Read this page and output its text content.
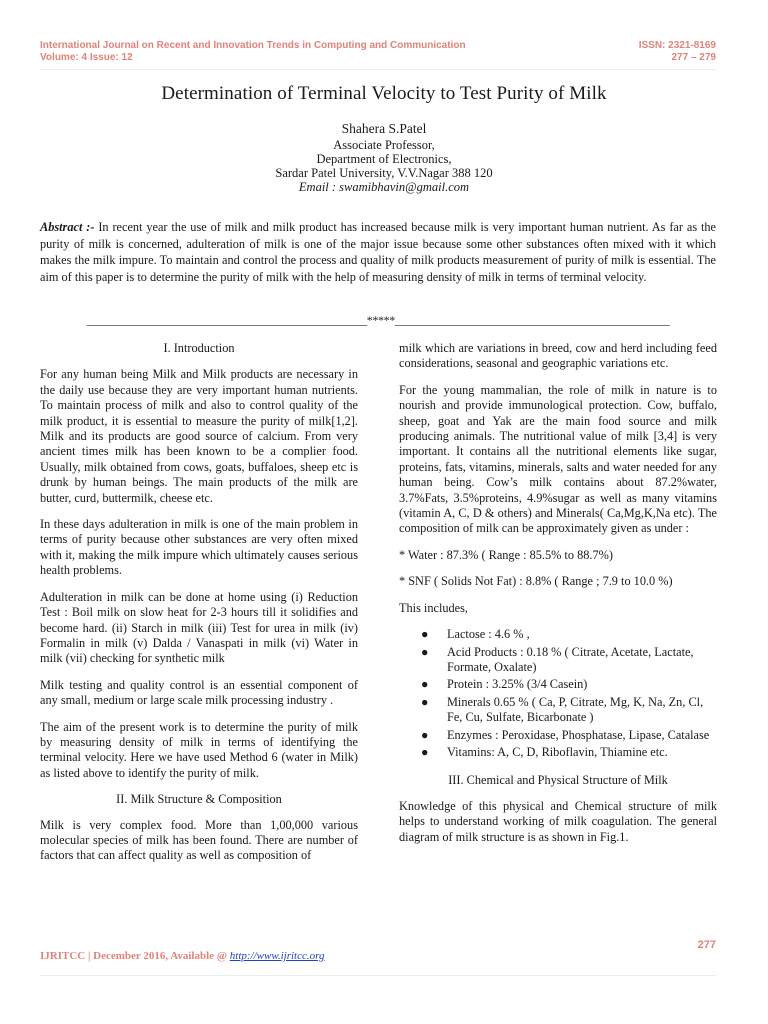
International Journal on Recent and Innovation Trends in Computing and Communication
Volume: 4 Issue: 12
ISSN: 2321-8169
277 – 279
Determination of Terminal Velocity to Test Purity of Milk
Shahera S.Patel
Associate Professor,
Department of Electronics,
Sardar Patel University, V.V.Nagar 388 120
Email : swamibhavin@gmail.com
Abstract :- In recent year the use of milk and milk product has increased because milk is very important human nutrient. As far as the purity of milk is concerned, adulteration of milk is one of the major issue because some other substances often mixed with it which makes the milk impure. To maintain and control the process and quality of milk products measurement of purity of milk is essential. The aim of this paper is to determine the purity of milk with the help of measuring density of milk in terms of terminal velocity.
__________________________________________________*****_________________________________________________
I. Introduction

For any human being Milk and Milk products are necessary in the daily use because they are very important human nutrients. To maintain process of milk and also to control quality of the milk product, it is essential to measure the purity of milk[1,2]. Milk and its products are good source of calcium. From very ancient times milk has been known to be a complier food. Usually, milk obtained from cows, goats, buffaloes, sheep etc is drunk by human beings. The main products of the milk are butter, curd, buttermilk, cheese etc.

In these days adulteration in milk is one of the main problem in terms of purity because other substances are very often mixed with it, making the milk impure which ultimately causes serious health problems.

Adulteration in milk can be done at home using (i) Reduction Test : Boil milk on slow heat for 2-3 hours till it solidifies and become hard. (ii) Starch in milk (iii) Test for urea in milk (iv) Formalin in milk (v) Dalda / Vanaspati in milk (vi) Water in milk (vii) checking for synthetic milk

Milk testing and quality control is an essential component of any small, medium or large scale milk processing industry .

The aim of the present work is to determine the purity of milk by measuring density of milk in terms of identifying the terminal velocity. Here we have used Method 6 (water in Milk) as listed above to identify the purity of milk.

II. Milk Structure & Composition

Milk is very complex food. More than 1,00,000 various molecular species of milk has been found. There are number of factors that can affect quality as well as composition of

milk which are variations in breed, cow and herd including feed considerations, seasonal and geographic variations etc.

For the young mammalian, the role of milk in nature is to nourish and provide immunological protection. Cow, buffalo, sheep, goat and Yak are the main food source and milk producing animals. The nutritional value of milk [3,4] is very important. It contains all the nutritional elements like sugar, proteins, fats, vitamins, minerals, salts and water needed for any human being. Cow’s milk contains about 87.2%water, 3.7%Fats, 3.5%proteins, 4.9%sugar as well as many vitamins (vitamin A, C, D & others) and Minerals( Ca,Mg,K,Na etc). The composition of milk can be approximately given as under :

* Water : 87.3% ( Range : 85.5% to 88.7%)

* SNF ( Solids Not Fat) : 8.8% ( Range ; 7.9 to 10.0 %)

This includes,

● Lactose : 4.6 % ,
● Acid Products : 0.18 % ( Citrate, Acetate, Lactate, Formate, Oxalate)
● Protein : 3.25% (3/4 Casein)
● Minerals 0.65 % ( Ca, P, Citrate, Mg, K, Na, Zn, Cl, Fe, Cu, Sulfate, Bicarbonate )
● Enzymes : Peroxidase, Phosphatase, Lipase, Catalase
● Vitamins: A, C, D, Riboflavin, Thiamine etc.
III. Chemical and Physical Structure of Milk

Knowledge of this physical and Chemical structure of milk helps to understand working of milk coagulation. The general diagram of milk structure is as shown in Fig.1.

277
IJRITCC | December 2016, Available @ http://www.ijritcc.org
